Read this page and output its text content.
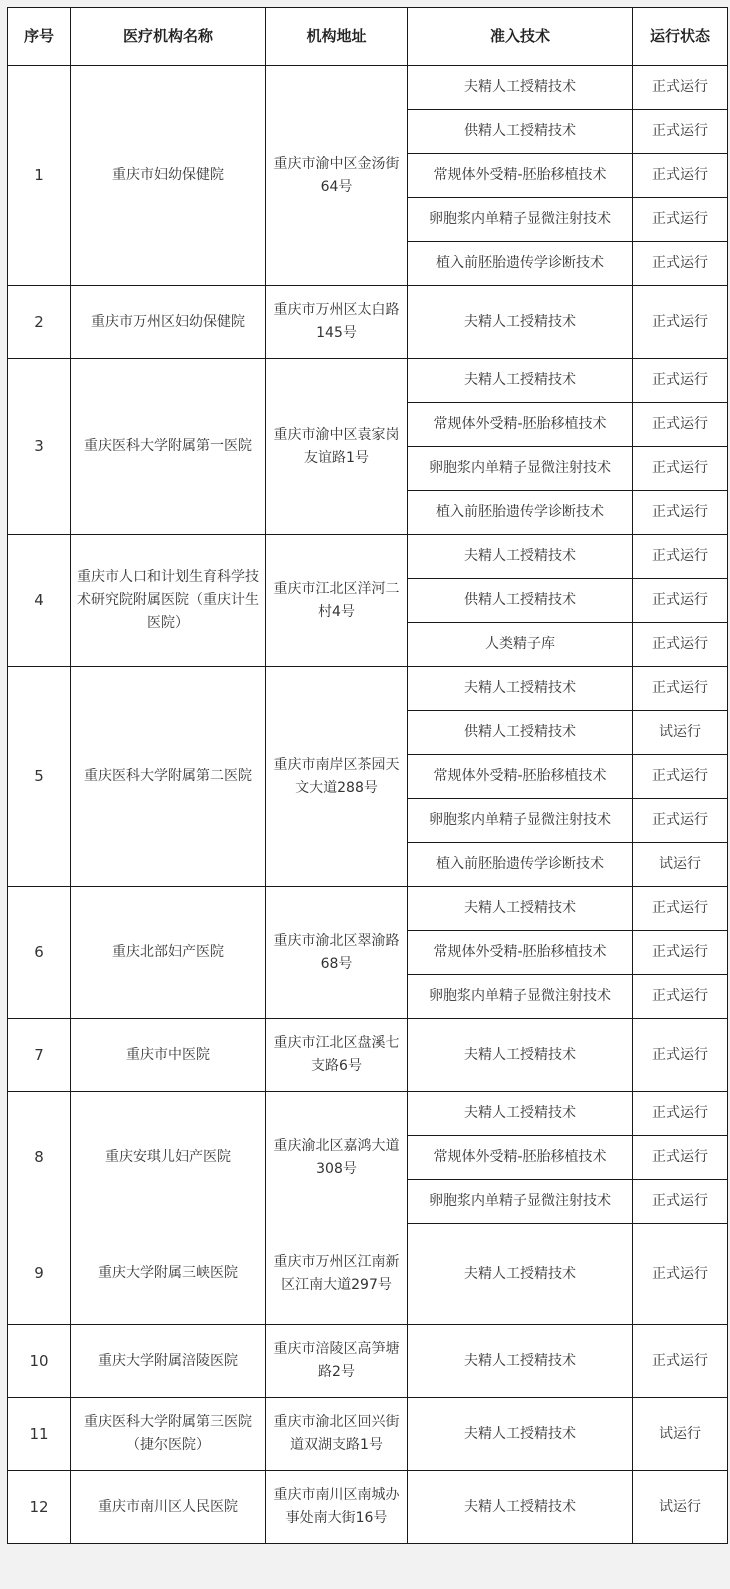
序号	医疗机构名称	机构地址	准入技术	运行状态
1	重庆市妇幼保健院	重庆市渝中区金汤街64号	夫精人工授精技术	正式运行
			供精人工授精技术	正式运行
			常规体外受精-胚胎移植技术	正式运行
			卵胞浆内单精子显微注射技术	正式运行
			植入前胚胎遗传学诊断技术	正式运行
2	重庆市万州区妇幼保健院	重庆市万州区太白路145号	夫精人工授精技术	正式运行
3	重庆医科大学附属第一医院	重庆市渝中区袁家岗友谊路1号	夫精人工授精技术	正式运行
			常规体外受精-胚胎移植技术	正式运行
			卵胞浆内单精子显微注射技术	正式运行
			植入前胚胎遗传学诊断技术	正式运行
4	重庆市人口和计划生育科学技术研究院附属医院（重庆计生医院）	重庆市江北区洋河二村4号	夫精人工授精技术	正式运行
			供精人工授精技术	正式运行
			人类精子库	正式运行
5	重庆医科大学附属第二医院	重庆市南岸区茶园天文大道288号	夫精人工授精技术	正式运行
			供精人工授精技术	试运行
			常规体外受精-胚胎移植技术	正式运行
			卵胞浆内单精子显微注射技术	正式运行
			植入前胚胎遗传学诊断技术	试运行
6	重庆北部妇产医院	重庆市渝北区翠渝路68号	夫精人工授精技术	正式运行
			常规体外受精-胚胎移植技术	正式运行
			卵胞浆内单精子显微注射技术	正式运行
7	重庆市中医院	重庆市江北区盘溪七支路6号	夫精人工授精技术	正式运行
8	重庆安琪儿妇产医院	重庆渝北区嘉鸿大道308号	夫精人工授精技术	正式运行
			常规体外受精-胚胎移植技术	正式运行
			卵胞浆内单精子显微注射技术	正式运行
9	重庆大学附属三峡医院	重庆市万州区江南新区江南大道297号	夫精人工授精技术	正式运行
10	重庆大学附属涪陵医院	重庆市涪陵区高笋塘路2号	夫精人工授精技术	正式运行
11	重庆医科大学附属第三医院（捷尔医院）	重庆市渝北区回兴街道双湖支路1号	夫精人工授精技术	试运行
12	重庆市南川区人民医院	重庆市南川区南城办事处南大街16号	夫精人工授精技术	试运行
